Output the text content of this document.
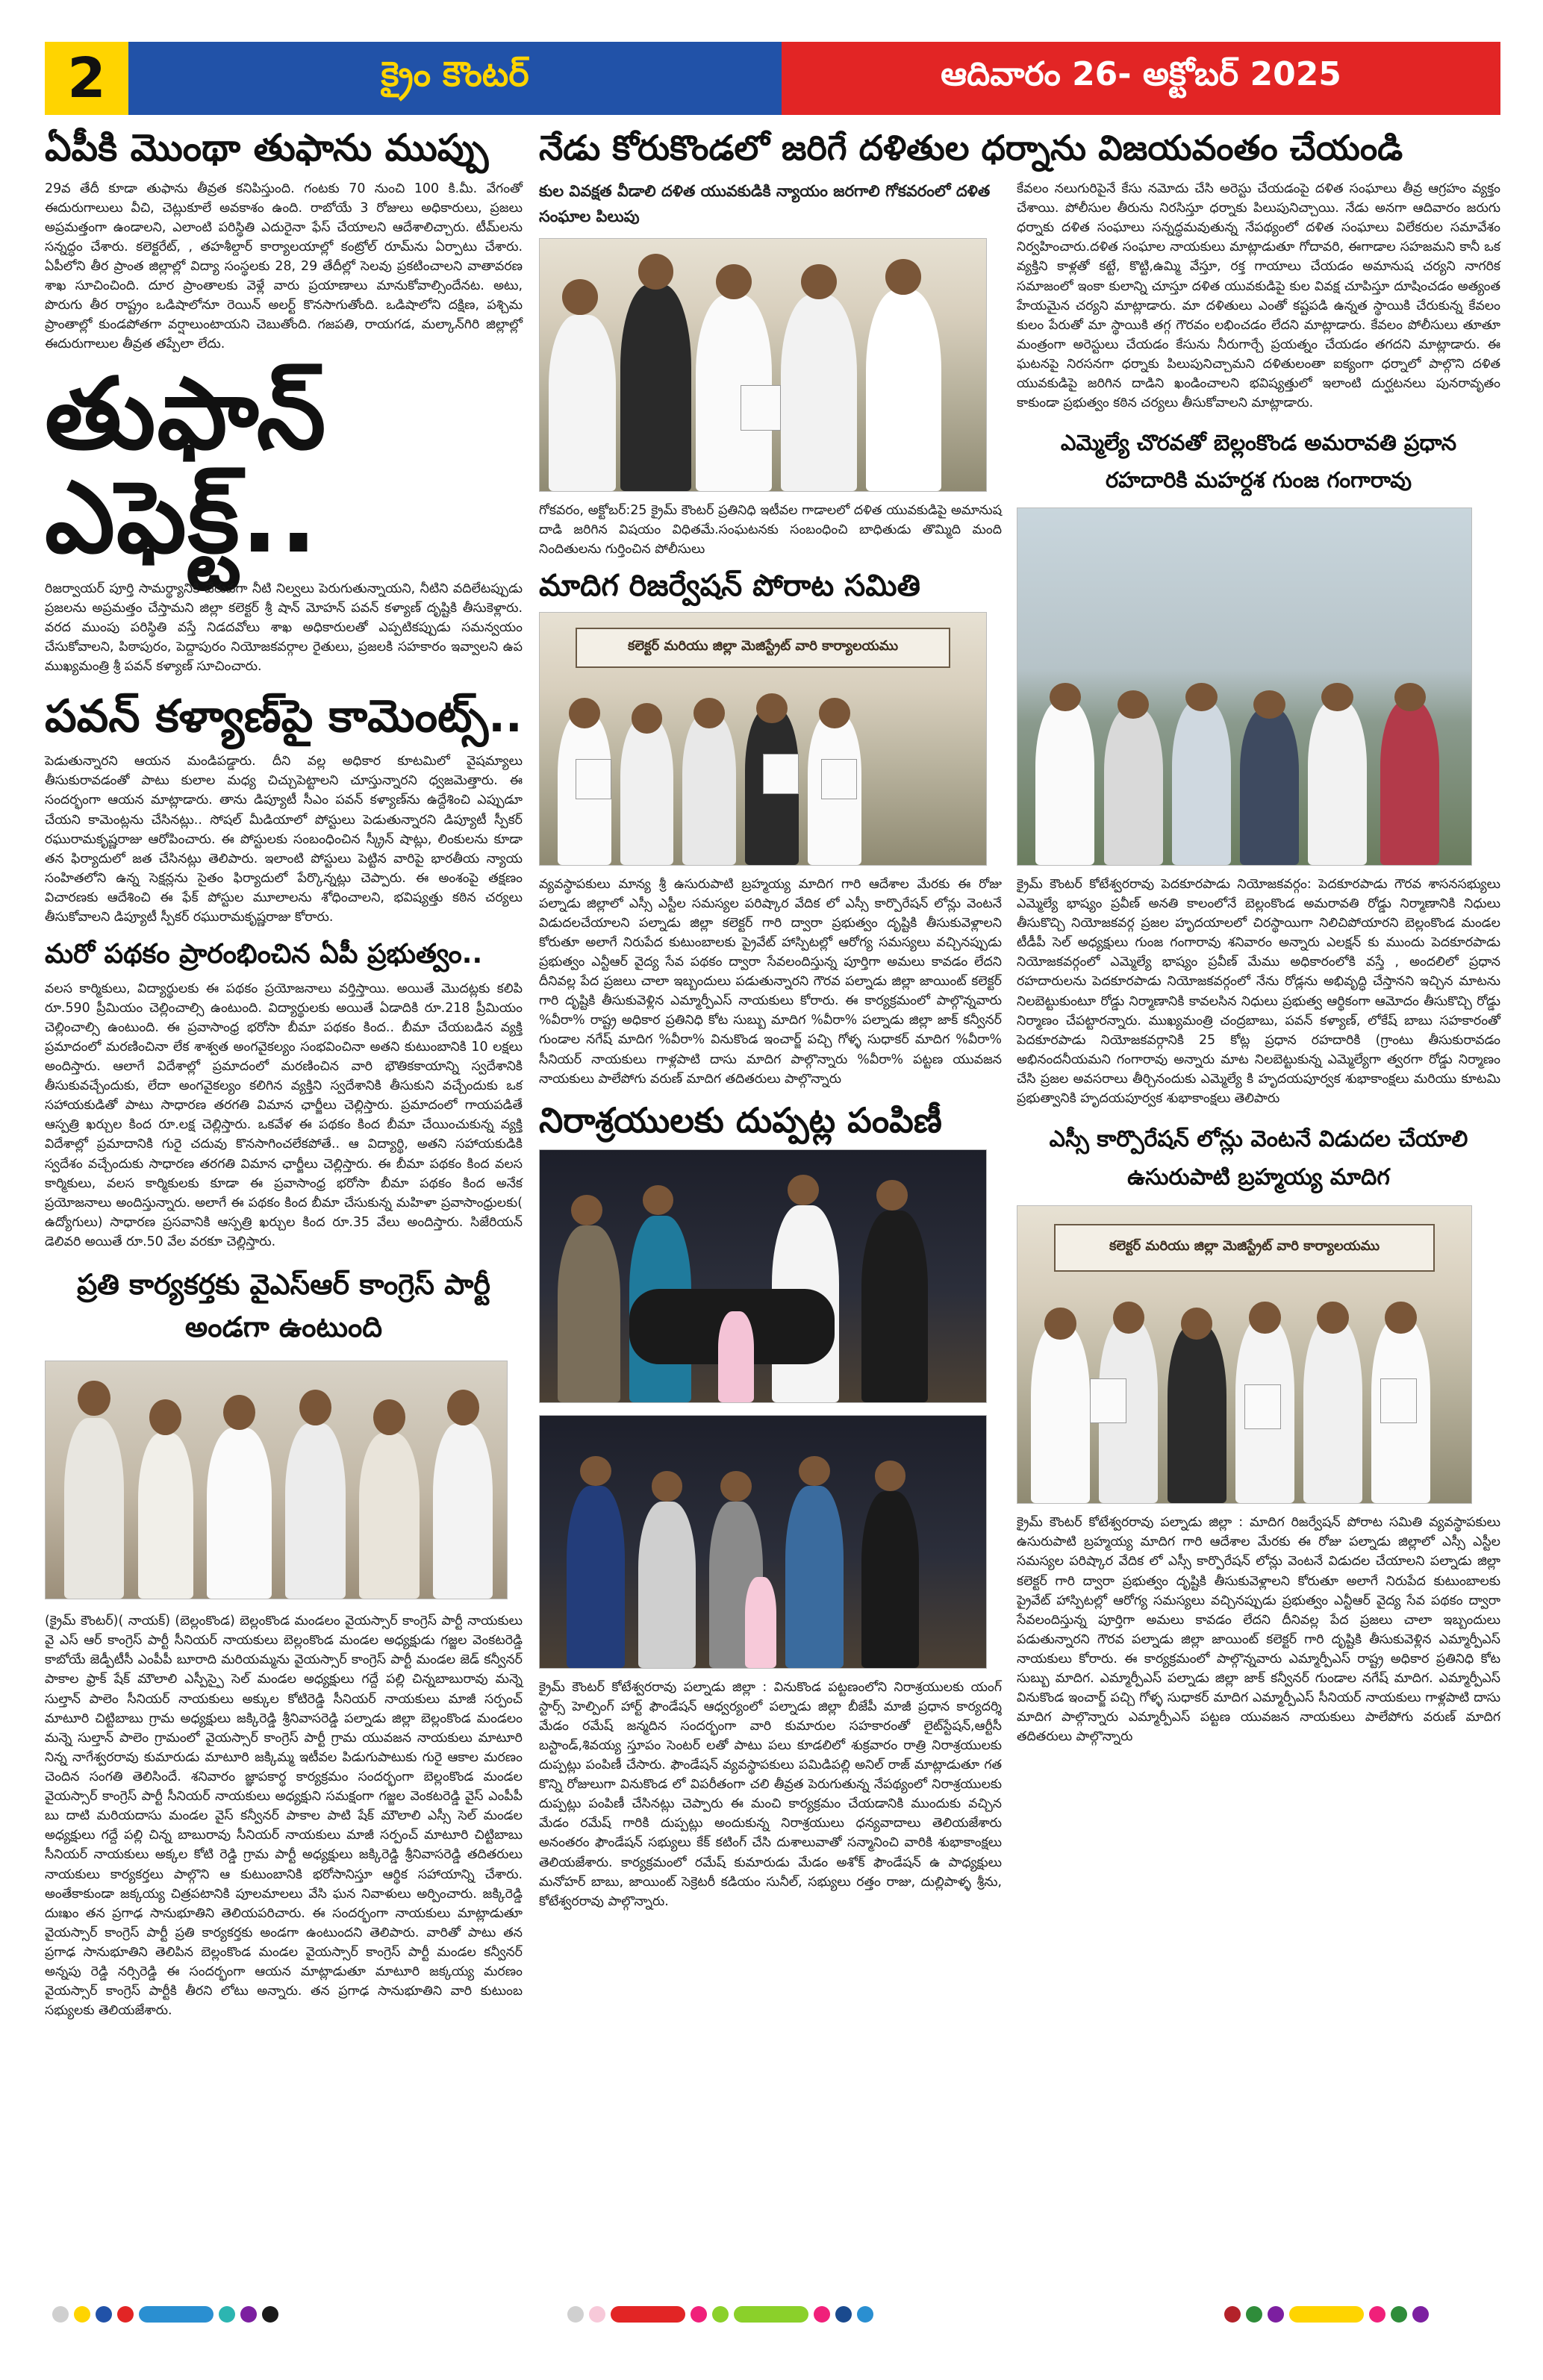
2	క్రైం కౌంటర్	ఆదివారం 26- అక్టోబర్ 2025
నేడు కోరుకొండలో జరిగే దళితుల ధర్నాను విజయవంతం చేయండి
ఏపీకి మొంథా తుఫాను ముప్పు
29వ తేదీ కూడా తుఫాను తీవ్రత కనిపిస్తుంది. గంటకు 70 నుంచి 100 కి.మీ. వేగంతో ఈదురుగాలులు వీచి, చెట్లుకూలే అవకాశం ఉంది. రాబోయే 3 రోజులు అధికారులు, ప్రజలు అప్రమత్తంగా ఉండాలని, ఎలాంటి పరిస్థితి ఎదురైనా ఫేస్ చేయాలని ఆదేశాలిచ్చారు. టీమ్‌లను సన్నద్ధం చేశారు. కలెక్టరేట్, , తహశీల్దార్ కార్యాలయాల్లో కంట్రోల్ రూమ్‌ను ఏర్పాటు చేశారు. ఏపీలోని తీర ప్రాంత జిల్లాల్లో విద్యా సంస్థలకు 28, 29 తేదీల్లో సెలవు ప్రకటించాలని వాతావరణ శాఖ సూచించింది. దూర ప్రాంతాలకు వెళ్లే వారు ప్రయాణాలు మానుకోవాల్సిందేనట. అటు, పొరుగు తీర రాష్ట్రం ఒడిషాలోనూ రెయిన్ అలర్ట్ కొనసాగుతోంది. ఒడిషాలోని దక్షిణ, పశ్చిమ ప్రాంతాల్లో కుండపోతగా వర్షాలుంటాయని చెబుతోంది. గజపతి, రాయగడ, మల్కాన్‌గిరి జిల్లాల్లో ఈదురుగాలుల తీవ్రత తప్పేలా లేదు.
తుఫాన్ ఎఫెక్ట్..
రిజర్వాయర్ పూర్తి సామర్థ్యానికి చేరువగా నీటి నిల్వలు పెరుగుతున్నాయని, నీటిని వదిలేటప్పుడు ప్రజలను అప్రమత్తం చేస్తామని జిల్లా కలెక్టర్ శ్రీ షాన్ మోహన్ పవన్ కళ్యాణ్ దృష్టికి తీసుకెళ్లారు. వరద ముంపు పరిస్థితి వస్తే నిడదవోలు శాఖ అధికారులతో ఎప్పటికప్పుడు సమన్వయం చేసుకోవాలని, పిఠాపురం, పెద్దాపురం నియోజకవర్గాల రైతులు, ప్రజలకి సహకారం ఇవ్వాలని ఉప ముఖ్యమంత్రి శ్రీ పవన్ కళ్యాణ్ సూచించారు.
పవన్ కళ్యాణ్‌పై కామెంట్స్..
పెడుతున్నారని ఆయన మండిపడ్డారు. దీని వల్ల అధికార కూటమిలో వైషమ్యాలు తీసుకురావడంతో పాటు కులాల మధ్య చిచ్చుపెట్టాలని చూస్తున్నారని ధ్వజమెత్తారు. ఈ సందర్భంగా ఆయన మాట్లాడారు. తాను డిప్యూటీ సీఎం పవన్ కళ్యాణ్‌ను ఉద్దేశించి ఎప్పుడూ చేయని కామెంట్లను చేసినట్లు.. సోషల్ మీడియాలో పోస్టులు పెడుతున్నారని డిప్యూటీ స్పీకర్ రఘురామకృష్ణరాజు ఆరోపించారు. ఈ పోస్టులకు సంబంధించిన స్క్రీన్ షాట్లు, లింకులను కూడా తన ఫిర్యాదులో జత చేసినట్లు తెలిపారు. ఇలాంటి పోస్టులు పెట్టిన వారిపై భారతీయ న్యాయ సంహితలోని ఉన్న సెక్షన్లను సైతం ఫిర్యాదులో పేర్కొన్నట్లు చెప్పారు. ఈ అంశంపై తక్షణం విచారణకు ఆదేశించి ఈ ఫేక్ పోస్టుల మూలాలను శోధించాలని, భవిష్యత్తు కఠిన చర్యలు తీసుకోవాలని డిప్యూటీ స్పీకర్ రఘురామకృష్ణరాజు కోరారు.
మరో పథకం ప్రారంభించిన ఏపీ ప్రభుత్వం..
వలస కార్మికులు, విద్యార్థులకు ఈ పథకం ప్రయోజనాలు వర్తిస్తాయి. అయితే మొదట్లకు కలిపి రూ.590 ప్రీమియం చెల్లించాల్సి ఉంటుంది. విద్యార్థులకు అయితే ఏడాదికి రూ.218 ప్రీమియం చెల్లించాల్సి ఉంటుంది. ఈ ప్రవాసాంధ్ర భరోసా బీమా పథకం కింద.. బీమా చేయబడిన వ్యక్తి ప్రమాదంలో మరణించినా లేక శాశ్వత అంగవైకల్యం సంభవించినా అతని కుటుంబానికి 10 లక్షలు అందిస్తారు. ఆలాగే విదేశాల్లో ప్రమాదంలో మరణించిన వారి భౌతికకాయాన్ని స్వదేశానికి తీసుకువచ్చేందుకు, లేదా అంగవైకల్యం కలిగిన వ్యక్తిని స్వదేశానికి తీసుకుని వచ్చేందుకు ఒక సహాయకుడితో పాటు సాధారణ తరగతి విమాన ఛార్జీలు చెల్లిస్తారు. ప్రమాదంలో గాయపడితే ఆస్పత్రి ఖర్చుల కింద రూ.లక్ష చెల్లిస్తారు. ఒకవేళ ఈ పథకం కింద బీమా చేయించుకున్న వ్యక్తి విదేశాల్లో ప్రమాదానికి గురై చదువు కొనసాగించలేకపోతే.. ఆ విద్యార్థి, అతని సహాయకుడికి స్వదేశం వచ్చేందుకు సాధారణ తరగతి విమాన ఛార్జీలు చెల్లిస్తారు. ఈ బీమా పథకం కింద వలస కార్మికులు, వలస కార్మికులకు కూడా ఈ ప్రవాసాంధ్ర భరోసా బీమా పథకం కింద అనేక ప్రయోజనాలు అందిస్తున్నారు. అలాగే ఈ పథకం కింద బీమా చేసుకున్న మహిళా ప్రవాసాంధ్రులకు( ఉద్యోగులు) సాధారణ ప్రసవానికి ఆస్పత్రి ఖర్చుల కింద రూ.35 వేలు అందిస్తారు. సిజేరియన్ డెలివరి అయితే రూ.50 వేల వరకూ చెల్లిస్తారు.
ప్రతి కార్యకర్తకు వైఎస్ఆర్ కాంగ్రెస్ పార్టీ అండగా ఉంటుంది
(క్రైమ్ కౌంటర్)( నాయక్) (బెల్లంకొండ) బెల్లంకొండ మండలం వైయస్సార్ కాంగ్రెస్ పార్టీ నాయకులు వై ఎస్ ఆర్ కాంగ్రెస్ పార్టీ సీనియర్ నాయకులు బెల్లంకొండ మండల అధ్యక్షుడు గజ్జల వెంకటరెడ్డి కాబోయే జెడ్పీటీసీ ఎంపీపీ బూరాది మరియమ్మను వైయస్సార్ కాంగ్రెస్ పార్టీ మండల జెడ్ కన్వీనర్ పాకాల ఫ్రాక్ షేక్ మౌలాలి ఎస్పీస్పై సెల్ మండల అధ్యక్షులు గద్దే పల్లి చిన్నబాబురావు మన్నె సుల్తాన్ పాలెం సీనియర్ నాయకులు అక్కుల కోటిరెడ్డి సీనియర్ నాయకులు మాజీ సర్పంచ్ మాటూరి చిట్టిబాబు గ్రామ అధ్యక్షులు జక్కిరెడ్డి శ్రీనివాసరెడ్డి పల్నాడు జిల్లా బెల్లంకొండ మండలం మన్నె సుల్తాన్ పాలెం గ్రామంలో వైయస్సార్ కాంగ్రెస్ పార్టీ గ్రామ యువజన నాయకులు మాటూరి నిన్న నాగేశ్వరరావు కుమారుడు మాటూరి జక్కిమ్మ ఇటీవల పిడుగుపాటుకు గురై ఆకాల మరణం చెందిన సంగతి తెలిసిందే. శనివారం జ్ఞాపకార్థ కార్యక్రమం సందర్భంగా బెల్లంకొండ మండల వైయస్సార్ కాంగ్రెస్ పార్టీ సీనియర్ నాయకులు అధ్యక్షుని సమక్షంగా గజ్జల వెంకటరెడ్డి వైస్ ఎంపీపీ బు దాటి మరియదాసు మండల వైస్ కన్వీనర్ పాకాల పాటి షేక్ మౌలాలి ఎస్సీ సెల్ మండల అధ్యక్షులు గద్దే పల్లి చిన్న బాబురావు సీనియర్ నాయకులు మాజీ సర్పంచ్ మాటూరి చిట్టిబాబు సీనియర్ నాయకులు అక్కల కోటి రెడ్డి గ్రామ పార్టీ అధ్యక్షులు జక్కిరెడ్డి శ్రీనివాసరెడ్డి తదితరులు నాయకులు కార్యకర్తలు పాల్గొని ఆ కుటుంబానికి భరోసానిస్తూ ఆర్థిక సహాయాన్ని చేశారు. అంతేకాకుండా జక్కయ్య చిత్రపటానికి పూలమాలలు వేసి ఘన నివాళులు అర్పించారు. జక్కిరెడ్డి దుఃఖం తన ప్రగాఢ సానుభూతిని తెలియపరిచారు. ఈ సందర్భంగా నాయకులు మాట్లాడుతూ వైయస్సార్ కాంగ్రెస్ పార్టీ ప్రతి కార్యకర్తకు అండగా ఉంటుందని తెలిపారు. వారితో పాటు తన ప్రగాఢ సానుభూతిని తెలిపిన బెల్లంకొండ మండల వైయస్సార్ కాంగ్రెస్ పార్టీ మండల కన్వీనర్ అన్నపు రెడ్డి నర్సిరెడ్డి ఈ సందర్భంగా ఆయన మాట్లాడుతూ మాటూరి జక్కయ్య మరణం వైయస్సార్ కాంగ్రెస్ పార్టీకి తీరని లోటు అన్నారు. తన ప్రగాఢ సానుభూతిని వారి కుటుంబ సభ్యులకు తెలియజేశారు.
కుల వివక్షత వీడాలి దళిత యువకుడికి న్యాయం జరగాలి గోకవరంలో దళిత సంఘాల పిలుపు
గోకవరం, అక్టోబర్:25 క్రైమ్ కౌంటర్ ప్రతినిధి ఇటీవల గాడాలలో దళిత యువకుడిపై అమానుష దాడి జరిగిన విషయం విధితమే.సంఘటనకు సంబంధించి బాధితుడు తొమ్మిది మంది నిందితులను గుర్తించిన పోలీసులు
మాదిగ రిజర్వేషన్ పోరాట సమితి
కలెక్టర్ మరియు జిల్లా మెజిస్ట్రేట్ వారి కార్యాలయము
వ్యవస్థాపకులు మాన్య శ్రీ ఉసురుపాటి బ్రహ్మయ్య మాదిగ గారి ఆదేశాల మేరకు ఈ రోజు పల్నాడు జిల్లాలో ఎస్సీ ఎస్టీల సమస్యల పరిష్కార వేదిక లో ఎస్సీ కార్పొరేషన్ లోన్లు వెంటనే విడుదలచేయాలని పల్నాడు జిల్లా కలెక్టర్ గారి ద్వారా ప్రభుత్వం దృష్టికి తీసుకువెళ్లాలని కోరుతూ అలాగే నిరుపేద కుటుంబాలకు ప్రైవేట్ హాస్పిటల్లో ఆరోగ్య సమస్యలు వచ్చినప్పుడు ప్రభుత్వం ఎన్టీఆర్ వైద్య సేవ పథకం ద్వారా సేవలందిస్తున్న పూర్తిగా అమలు కావడం లేదని దీనివల్ల పేద ప్రజలు చాలా ఇబ్బందులు పడుతున్నారని గౌరవ పల్నాడు జిల్లా జాయింట్ కలెక్టర్ గారి దృష్టికి తీసుకువెళ్లిన ఎమ్మార్పీఎస్ నాయకులు కోరారు. ఈ కార్యక్రమంలో పాల్గొన్నవారు %వీరా% రాష్ట్ర అధికార ప్రతినిధి కోట సుబ్బు మాదిగ %వీరా% పల్నాడు జిల్లా జాక్ కన్వీనర్ గుండాల నగేష్ మాదిగ %వీరా% వినుకొండ ఇంచార్జ్ పచ్చి గోళ్ళ సుధాకర్ మాదిగ %వీరా% సీనియర్ నాయకులు గాళ్లపాటి దాసు మాదిగ పాల్గొన్నారు %వీరా% పట్టణ యువజన నాయకులు పాలేపోగు వరుణ్ మాదిగ తదితరులు పాల్గొన్నారు
నిరాశ్రయులకు దుప్పట్ల పంపిణీ
క్రైమ్ కౌంటర్ కోటేశ్వరరావు పల్నాడు జిల్లా : వినుకొండ పట్టణంలోని నిరాశ్రయులకు యంగ్ స్టార్స్ హెల్పింగ్ హార్ట్ ఫౌండేషన్ ఆధ్వర్యంలో పల్నాడు జిల్లా బీజేపీ మాజీ ప్రధాన కార్యదర్శి మేడం రమేష్ జన్మదిన సందర్భంగా వారి కుమారుల సహకారంతో లైట్‌స్టేషన్,ఆర్టీసీ బస్టాండ్,శివయ్య స్తూపం సెంటర్ లతో పాటు పలు కూడలిలో శుక్రవారం రాత్రి నిరాశ్రయులకు దుప్పట్లు పంపిణీ చేసారు. ఫౌండేషన్ వ్యవస్థాపకులు పమిడిపల్లి అనిల్ రాజ్ మాట్లాడుతూ గత కొన్ని రోజులుగా వినుకొండ లో విపరీతంగా చలి తీవ్రత పెరుగుతున్న నేపథ్యంలో నిరాశ్రయులకు దుప్పట్లు పంపిణీ చేసినట్లు చెప్పారు ఈ మంచి కార్యక్రమం చేయడానికి ముందుకు వచ్చిన మేడం రమేష్ గారికి దుప్పట్లు అందుకున్న నిరాశ్రయులు ధన్యవాదాలు తెలియజేశారు అనంతరం ఫౌండేషన్ సభ్యులు కేక్ కటింగ్ చేసి దుశాలువాతో సన్మానించి వారికి శుభాకాంక్షలు తెలియజేశారు. కార్యక్రమంలో రమేష్ కుమారుడు మేడం అశోక్ ఫౌండేషన్ ఉ పాధ్యక్షులు మనోహర్ బాబు, జాయింట్ సెక్రెటరీ కడియం సునీల్, సభ్యులు రత్తం రాజు, దుల్లిపాళ్ళ శ్రీను, కోటేశ్వరరావు పాల్గొన్నారు.
కేవలం నలుగురిపైనే కేసు నమోదు చేసి అరెస్టు చేయడంపై దళిత సంఘాలు తీవ్ర ఆగ్రహం వ్యక్తం చేశాయి. పోలీసుల తీరును నిరసిస్తూ ధర్నాకు పిలుపునిచ్చాయి. నేడు అనగా ఆదివారం జరుగు ధర్నాకు దళిత సంఘాలు సన్నద్ధమవుతున్న నేపథ్యంలో దళిత సంఘాలు విలేకరుల సమావేశం నిర్వహించారు.దళిత సంఘాల నాయకులు మాట్లాడుతూ గోదావరి, ఈగాడాల సహజమని కానీ ఒక వ్యక్తిని కాళ్లతో కట్టే, కొట్టి,ఉమ్మి వేస్తూ, రక్త గాయాలు చేయడం అమానుష చర్యని నాగరిక సమాజంలో ఇంకా కులాన్ని చూస్తూ దళిత యువకుడిపై కుల వివక్ష చూపిస్తూ దూషించడం అత్యంత హేయమైన చర్యని మాట్లాడారు. మా దళితులు ఎంతో కష్టపడి ఉన్నత స్థాయికి చేరుకున్న కేవలం కులం పేరుతో మా స్థాయికి తగ్గ గౌరవం లభించడం లేదని మాట్లాడారు. కేవలం పోలీసులు తూతూ మంత్రంగా అరెస్టులు చేయడం కేసును నీరుగార్చే ప్రయత్నం చేయడం తగదని మాట్లాడారు. ఈ ఘటనపై నిరసనగా ధర్నాకు పిలుపునిచ్చామని దళితులంతా ఐక్యంగా ధర్నాలో పాల్గొని దళిత యువకుడిపై జరిగిన దాడిని ఖండించాలని భవిష్యత్తులో ఇలాంటి దుర్ఘటనలు పునరావృతం కాకుండా ప్రభుత్వం కఠిన చర్యలు తీసుకోవాలని మాట్లాడారు.
ఎమ్మెల్యే చొరవతో బెల్లంకొండ అమరావతి ప్రధాన రహదారికి మహర్దశ గుంజ గంగారావు
క్రైమ్ కౌంటర్ కోటేశ్వరరావు పెదకూరపాడు నియోజకవర్గం: పెదకూరపాడు గౌరవ శాసనసభ్యులు ఎమ్మెల్యే భాష్యం ప్రవీణ్ అనతి కాలంలోనే బెల్లంకొండ అమరావతి రోడ్డు నిర్మాణానికి నిధులు తీసుకొచ్చి నియోజకవర్గ ప్రజల హృదయాలలో చిరస్థాయిగా నిలిచిపోయారని బెల్లంకొండ మండల టీడీపీ సెల్ అధ్యక్షులు గుంజ గంగారావు శనివారం అన్నారు ఎలక్షన్ కు ముందు పెదకూరపాడు నియోజకవర్గంలో ఎమ్మెల్యే భాష్యం ప్రవీణ్ మేము అధికారంలోకి వస్తే , అందలిలో ప్రధాన రహదారులను పెదకూరపాడు నియోజకవర్గంలో నేను రోడ్లను అభివృద్ధి చేస్తానని ఇచ్చిన మాటను నిలబెట్టుకుంటూ రోడ్డు నిర్మాణానికి కావలసిన నిధులు ప్రభుత్వ ఆర్థికంగా ఆమోదం తీసుకొచ్చి రోడ్డు నిర్మాణం చేపట్టారన్నారు. ముఖ్యమంత్రి చంద్రబాబు, పవన్ కళ్యాణ్, లోకేష్ బాబు సహకారంతో పెదకూరపాడు నియోజకవర్గానికి 25 కోట్ల ప్రధాన రహదారికి (గ్రాంటు తీసుకురావడం అభినందనీయమని గంగారావు అన్నారు మాట నిలబెట్టుకున్న ఎమ్మెల్యేగా త్వరగా రోడ్డు నిర్మాణం చేసి ప్రజల అవసరాలు తీర్చినందుకు ఎమ్మెల్యే కి హృదయపూర్వక శుభాకాంక్షలు మరియు కూటమి ప్రభుత్వానికి హృదయపూర్వక శుభాకాంక్షలు తెలిపారు
ఎస్సీ కార్పొరేషన్ లోన్లు వెంటనే విడుదల చేయాలి ఉసురుపాటి బ్రహ్మయ్య మాదిగ
కలెక్టర్ మరియు జిల్లా మెజిస్ట్రేట్ వారి కార్యాలయము
క్రైమ్ కౌంటర్ కోటేశ్వరరావు పల్నాడు జిల్లా : మాదిగ రిజర్వేషన్ పోరాట సమితి వ్యవస్థాపకులు ఉసురుపాటి బ్రహ్మయ్య మాదిగ గారి ఆదేశాల మేరకు ఈ రోజు పల్నాడు జిల్లాలో ఎస్సీ ఎస్టీల సమస్యల పరిష్కార వేదిక లో ఎస్సీ కార్పొరేషన్ లోన్లు వెంటనే విడుదల చేయాలని పల్నాడు జిల్లా కలెక్టర్ గారి ద్వారా ప్రభుత్వం దృష్టికి తీసుకువెళ్లాలని కోరుతూ అలాగే నిరుపేద కుటుంబాలకు ప్రైవేట్ హాస్పిటల్లో ఆరోగ్య సమస్యలు వచ్చినప్పుడు ప్రభుత్వం ఎన్టీఆర్ వైద్య సేవ పథకం ద్వారా సేవలందిస్తున్న పూర్తిగా అమలు కావడం లేదని దీనివల్ల పేద ప్రజలు చాలా ఇబ్బందులు పడుతున్నారని గౌరవ పల్నాడు జిల్లా జాయింట్ కలెక్టర్ గారి దృష్టికి తీసుకువెళ్లిన ఎమ్మార్పీఎస్ నాయకులు కోరారు. ఈ కార్యక్రమంలో పాల్గొన్నవారు ఎమ్మార్పీఎస్ రాష్ట్ర అధికార ప్రతినిధి కోట సుబ్బు మాదిగ. ఎమ్మార్పీఎస్ పల్నాడు జిల్లా జాక్ కన్వీనర్ గుండాల నగేష్ మాదిగ. ఎమ్మార్పీఎస్ వినుకొండ ఇంచార్జ్ పచ్చి గోళ్ళ సుధాకర్ మాదిగ ఎమ్మార్పీఎస్ సీనియర్ నాయకులు గాళ్లపాటి దాసు మాదిగ పాల్గొన్నారు ఎమ్మార్పీఎస్ పట్టణ యువజన నాయకులు పాలేపోగు వరుణ్ మాదిగ తదితరులు పాల్గొన్నారు
